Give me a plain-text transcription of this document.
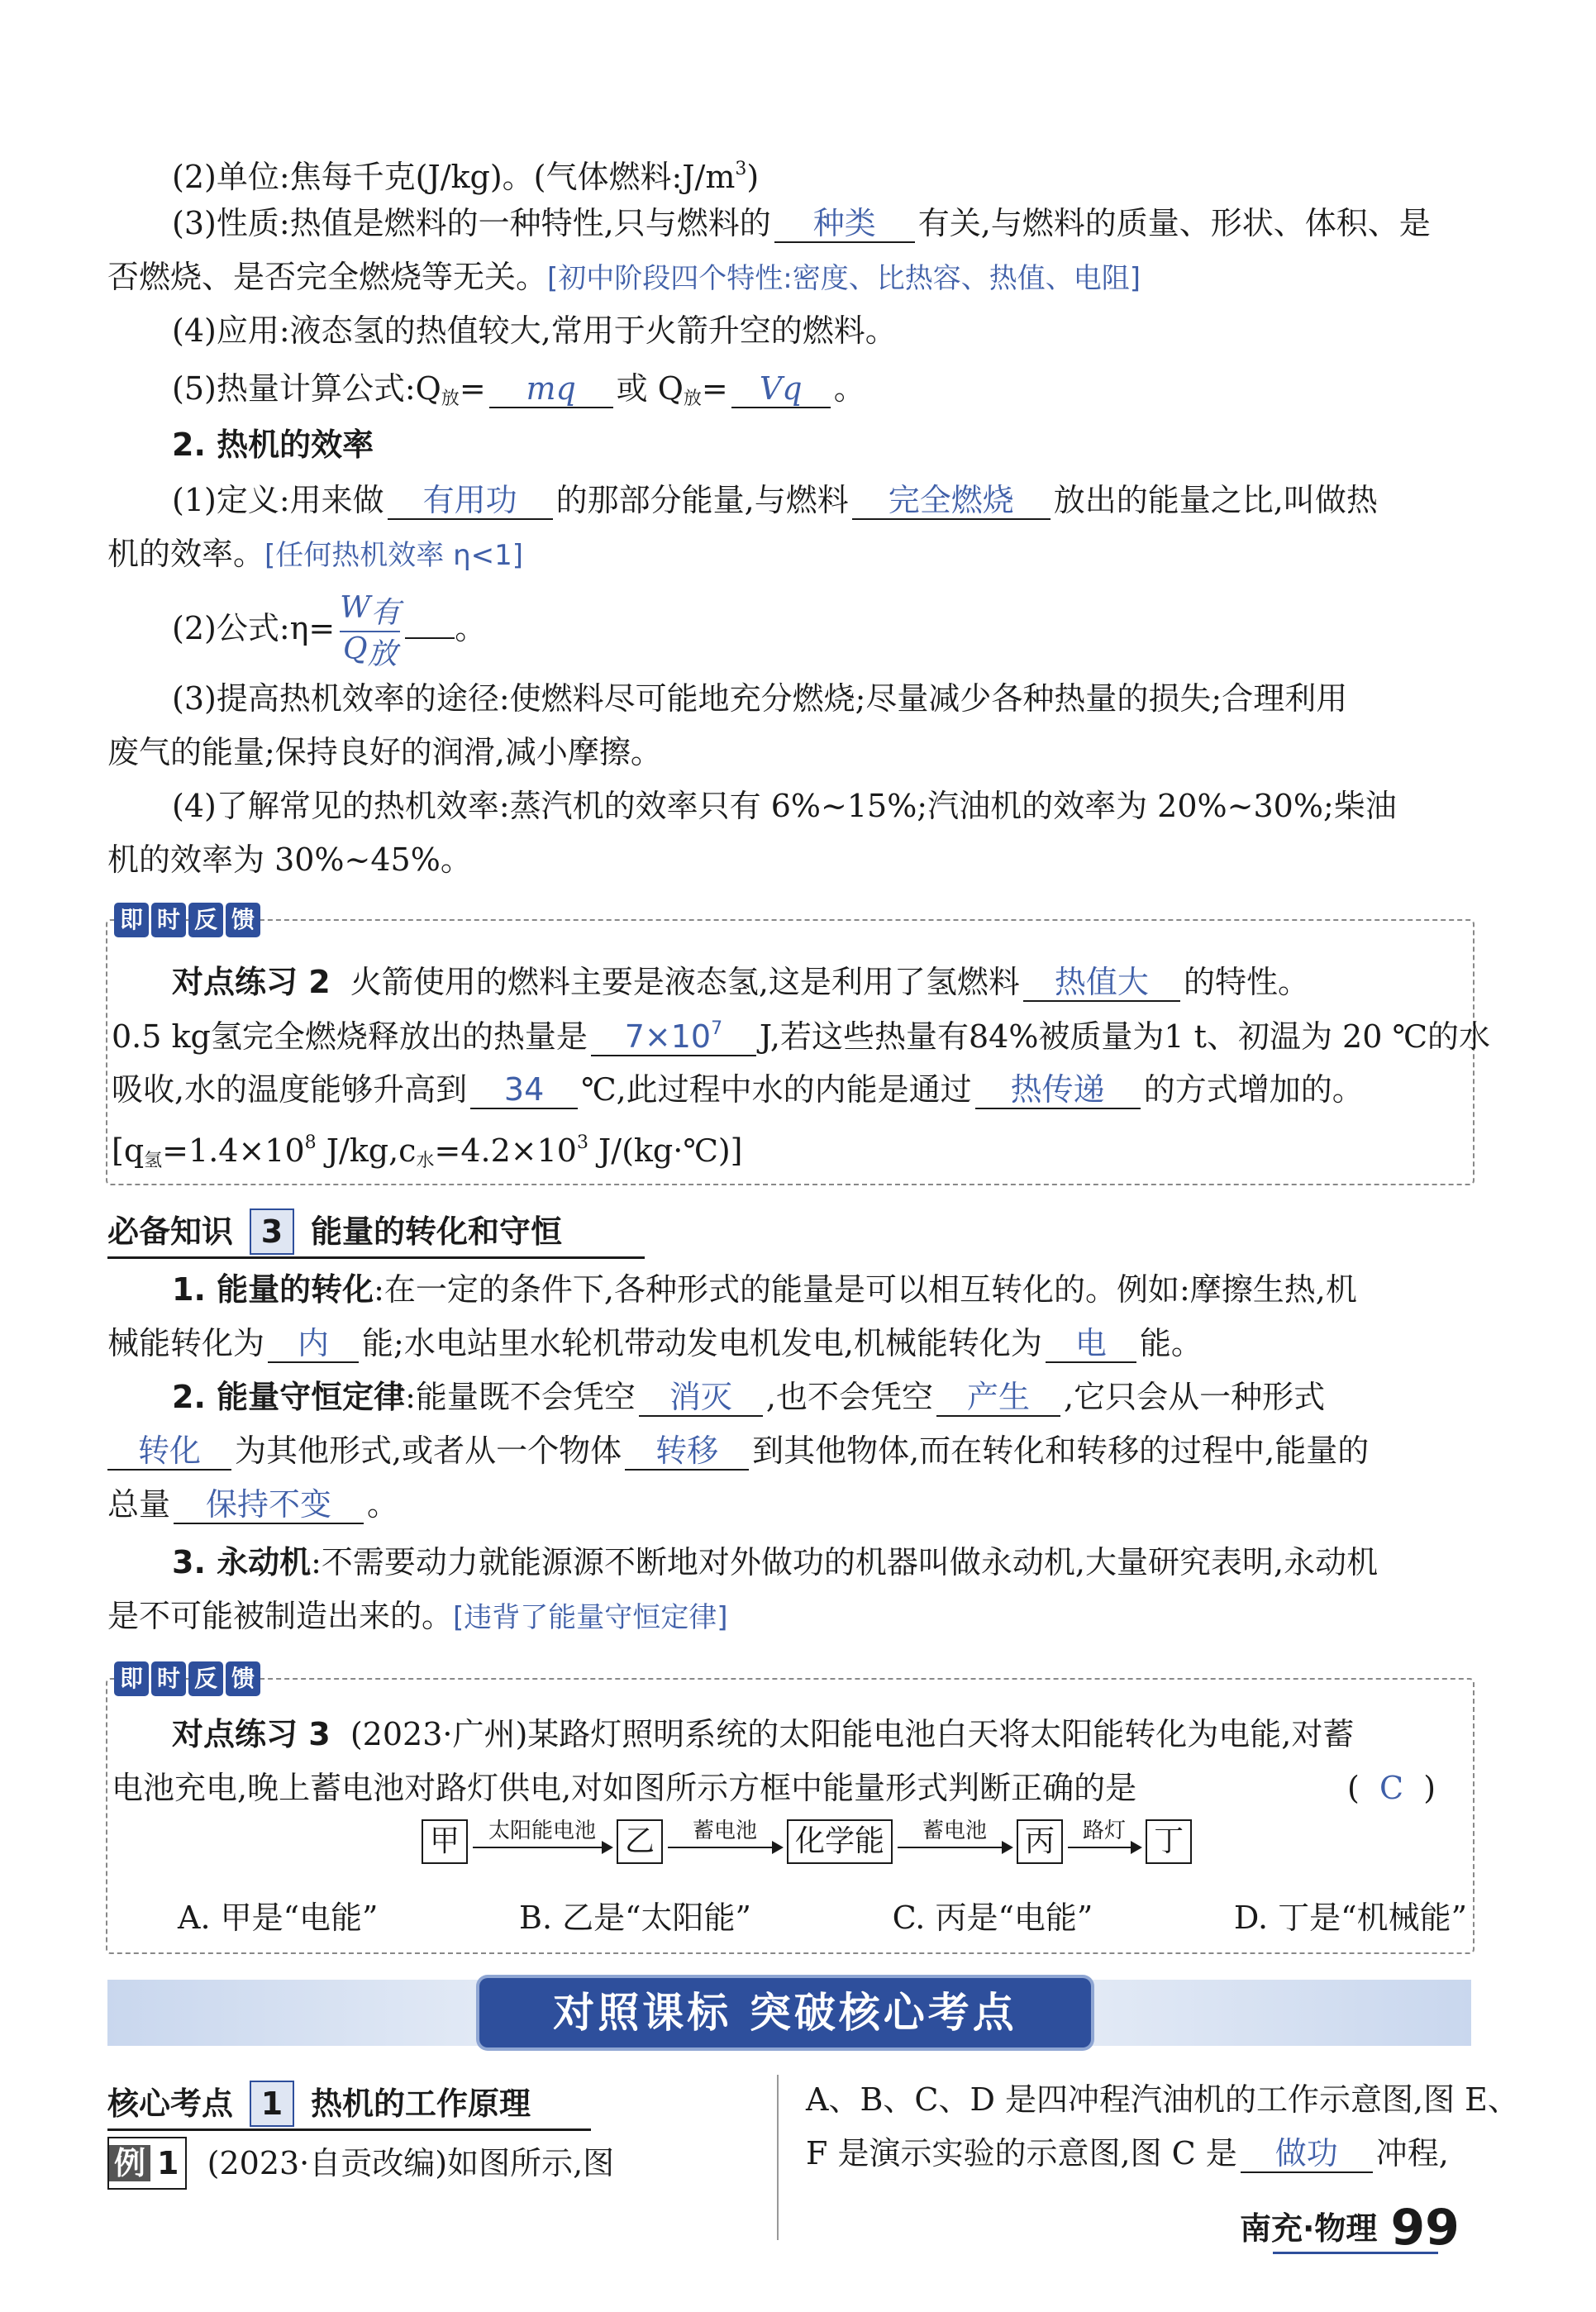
(2)单位:焦每千克(J/kg)。(气体燃料$:J/m^3$)
(3)性质:热值是燃料的一种特性,只与燃料的 种类 有关,与燃料的质量、形状、体积、是
否燃烧、是否完全燃烧等无关。[初中阶段四个特性:密度、比热容、热值、电阻]
(4)应用:液态氢的热值较大,常用于火箭升空的燃料。
(5)热量计算公式$:Q_放=$ mq 或 $Q_放= Vq$ 。
2. 热机的效率
(1)定义:用来做 有用功 的那部分能量,与燃料 完全燃烧 放出的能量之比,叫做热
机的效率。[任何热机效率 η<1]
(2)公式:η= $\frac{\text{W有}}{\text{Q放}}$ 。
(3)提高热机效率的途径:使燃料尽可能地充分燃烧;尽量减少各种热量的损失;合理利用
废气的能量;保持良好的润滑,减小摩擦。
(4)了解常见的热机效率:蒸汽机的效率只有 6%~15%;汽油机的效率为 20%~30%;柴油
机的效率为 30%~45%。
即 时 反 馈
对点练习 2 火箭使用的燃料主要是液态氢,这是利用了氢燃料 热值大 的特性。
0.5 kg氢完全燃烧释放出的热量是 $7\times 10^7$ J,若这些热量有84%被质量为1 t、初温为 20 ℃的水
吸收,水的温度能够升高到 34 ℃,此过程中水的内能是通过 热传递 的方式增加的。
[$q_氢=1.4\times 10^8$ $J/kg,c_水=4.2\times 10^3$ J/(kg·℃)]
必备知识 3 能量的转化和守恒
1. 能量的转化:在一定的条件下,各种形式的能量是可以相互转化的。例如:摩擦生热,机
械能转化为 内 能;水电站里水轮机带动发电机发电,机械能转化为 电 能。
2. 能量守恒定律:能量既不会凭空 消灭 ,也不会凭空 产生 ,它只会从一种形式
转化 为其他形式,或者从一个物体 转移 到其他物体,而在转化和转移的过程中,能量的
总量 保持不变 。
3. 永动机:不需要动力就能源源不断地对外做功的机器叫做永动机,大量研究表明,永动机
是不可能被制造出来的。[违背了能量守恒定律]
即 时 反 馈
对点练习 3 (2023·广州)某路灯照明系统的太阳能电池白天将太阳能转化为电能,对蓄
电池充电,晚上蓄电池对路灯供电,对如图所示方框中能量形式判断正确的是	( C )
甲	太阳能电池 乙	蓄电池	化学能	蓄电池	丙	路灯 丁
A. 甲是“电能”	B. 乙是“太阳能”	C. 丙是“电能”	D. 丁是“机械能”
对照课标 突破核心考点
核心考点 1 热机的工作原理
例 1 (2023·自贡改编)如图所示,图
A、B、C、D 是四冲程汽油机的工作示意图,图 E、
F 是演示实验的示意图,图 C 是 做功 冲程,
南充·物理 99
